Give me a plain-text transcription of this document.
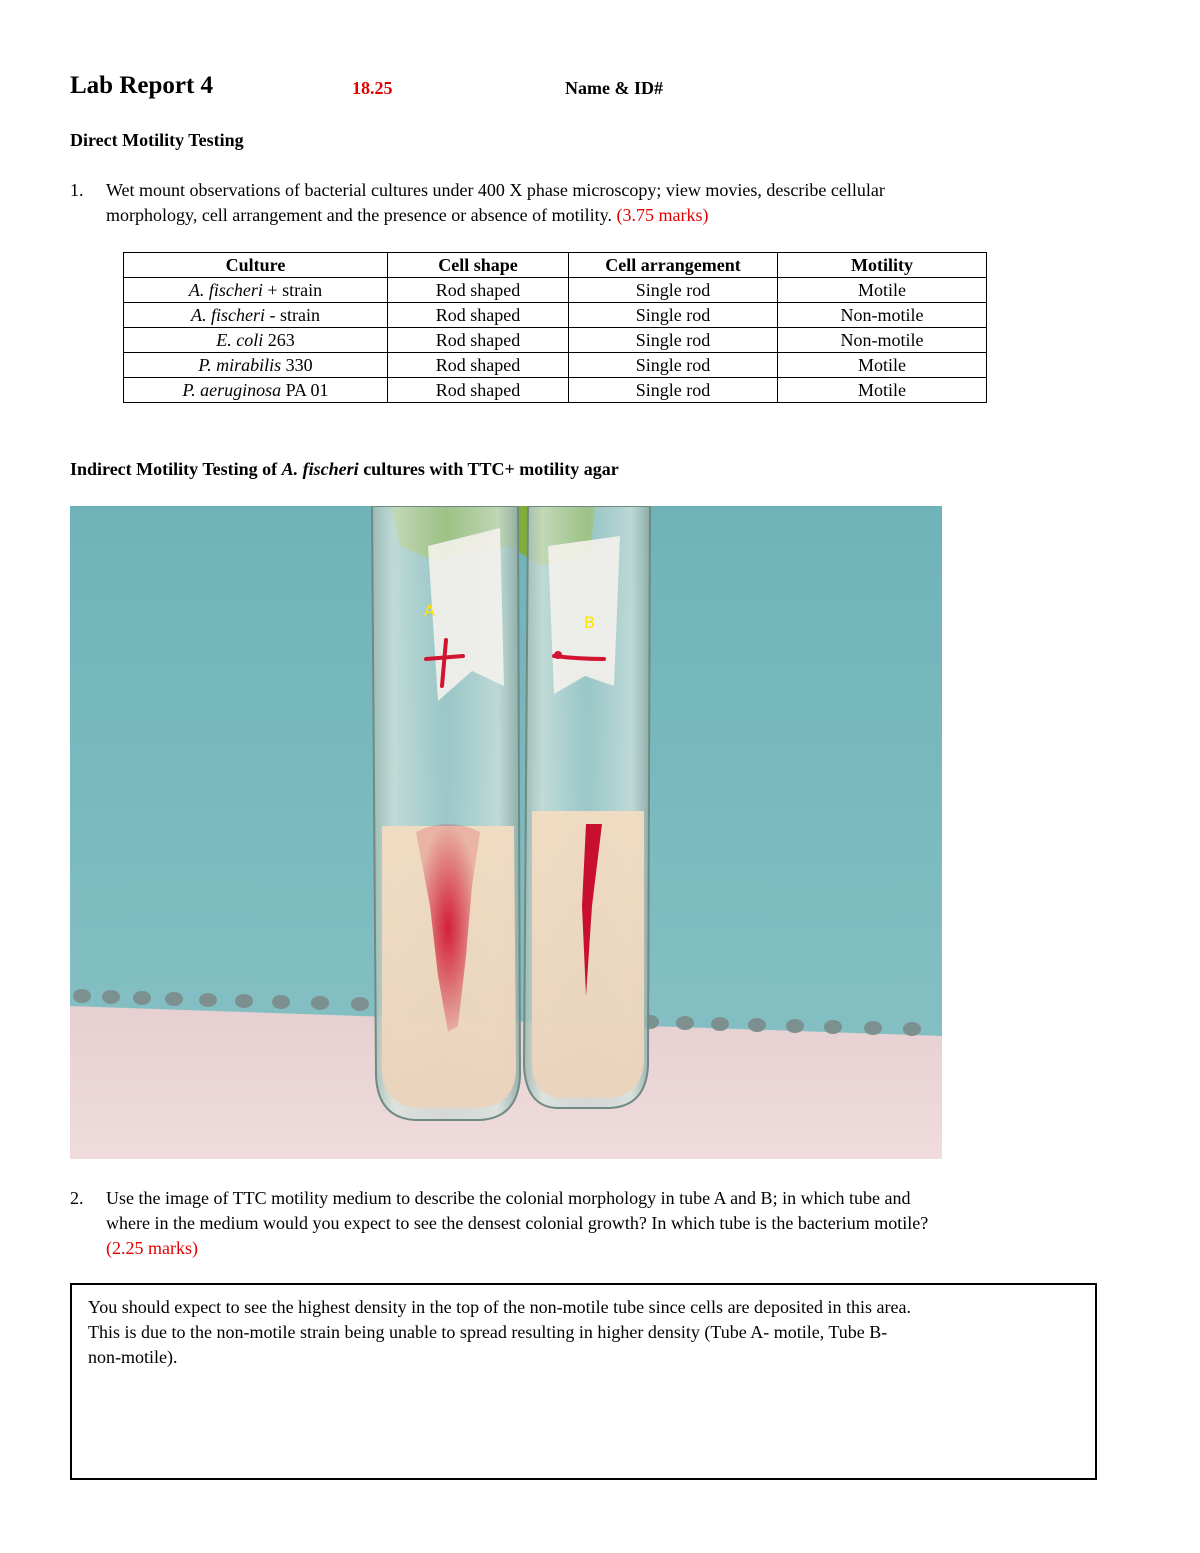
Lab Report 4	18.25	Name & ID#
Direct Motility Testing
1. Wet mount observations of bacterial cultures under 400 X phase microscopy; view movies, describe cellular
morphology, cell arrangement and the presence or absence of motility. (3.75 marks)
Culture	Cell shape	Cell arrangement	Motility
A. fischeri + strain	Rod shaped	Single rod	Motile
A. fischeri - strain	Rod shaped	Single rod	Non-motile
E. coli 263	Rod shaped	Single rod	Non-motile
P. mirabilis 330	Rod shaped	Single rod	Motile
P. aeruginosa PA 01	Rod shaped	Single rod	Motile
Indirect Motility Testing of A. fischeri cultures with TTC+ motility agar
A
B
2. Use the image of TTC motility medium to describe the colonial morphology in tube A and B; in which tube and
where in the medium would you expect to see the densest colonial growth? In which tube is the bacterium motile?
(2.25 marks)
You should expect to see the highest density in the top of the non-motile tube since cells are deposited in this area.
This is due to the non-motile strain being unable to spread resulting in higher density (Tube A- motile, Tube B-
non-motile).
